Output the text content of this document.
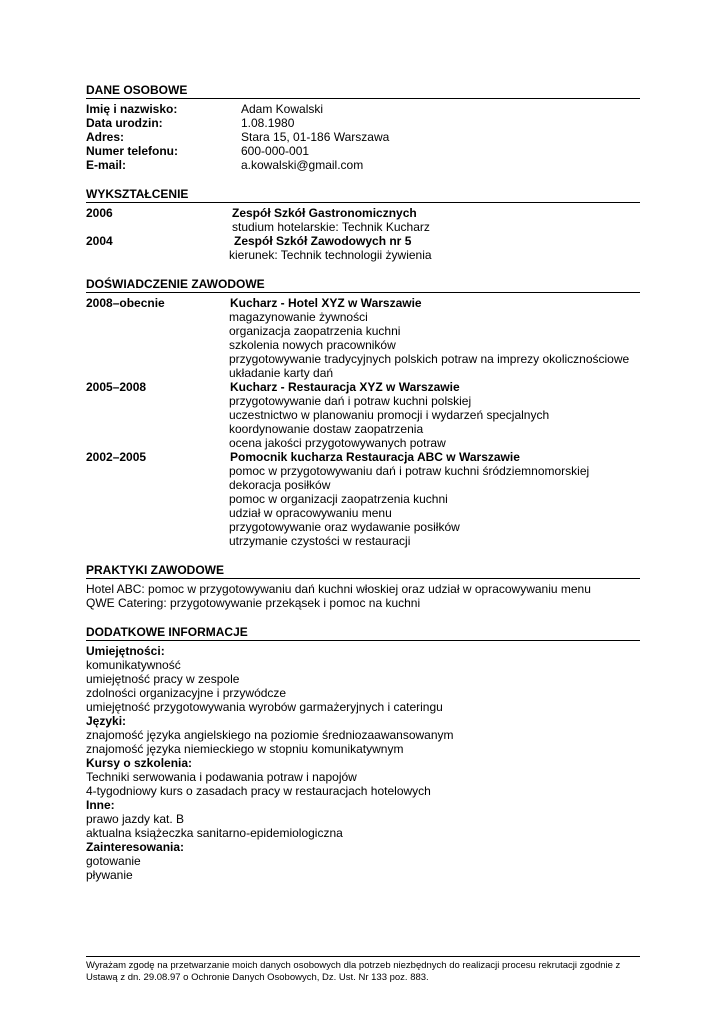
DANE OSOBOWE
Imię i nazwisko:	Adam Kowalski
Data urodzin:	1.08.1980
Adres:	Stara 15, 01-186 Warszawa
Numer telefonu:	600-000-001
E-mail:	a.kowalski@gmail.com
WYKSZTAŁCENIE
2006	Zespół Szkół Gastronomicznych
studium hotelarskie: Technik Kucharz
2004	Zespół Szkół Zawodowych nr 5
kierunek: Technik technologii żywienia
DOŚWIADCZENIE ZAWODOWE
2008–obecnie	Kucharz - Hotel XYZ w Warszawie
magazynowanie żywności
organizacja zaopatrzenia kuchni
szkolenia nowych pracowników
przygotowywanie tradycyjnych polskich potraw na imprezy okolicznościowe
układanie karty dań
2005–2008	Kucharz - Restauracja XYZ w Warszawie
przygotowywanie dań i potraw kuchni polskiej
uczestnictwo w planowaniu promocji i wydarzeń specjalnych
koordynowanie dostaw zaopatrzenia
ocena jakości przygotowywanych potraw
2002–2005	Pomocnik kucharza Restauracja ABC w Warszawie
pomoc w przygotowywaniu dań i potraw kuchni śródziemnomorskiej
dekoracja posiłków
pomoc w organizacji zaopatrzenia kuchni
udział w opracowywaniu menu
przygotowywanie oraz wydawanie posiłków
utrzymanie czystości w restauracji
PRAKTYKI ZAWODOWE
Hotel ABC: pomoc w przygotowywaniu dań kuchni włoskiej oraz udział w opracowywaniu menu
QWE Catering: przygotowywanie przekąsek i pomoc na kuchni
DODATKOWE INFORMACJE
Umiejętności:
komunikatywność
umiejętność pracy w zespole
zdolności organizacyjne i przywódcze
umiejętność przygotowywania wyrobów garmażeryjnych i cateringu
Języki:
znajomość języka angielskiego na poziomie średniozaawansowanym
znajomość języka niemieckiego w stopniu komunikatywnym
Kursy o szkolenia:
Techniki serwowania i podawania potraw i napojów
4-tygodniowy kurs o zasadach pracy w restauracjach hotelowych
Inne:
prawo jazdy kat. B
aktualna książeczka sanitarno-epidemiologiczna
Zainteresowania:
gotowanie
pływanie
Wyrażam zgodę na przetwarzanie moich danych osobowych dla potrzeb niezbędnych do realizacji procesu rekrutacji zgodnie z Ustawą z dn. 29.08.97 o Ochronie Danych Osobowych, Dz. Ust. Nr 133 poz. 883.
